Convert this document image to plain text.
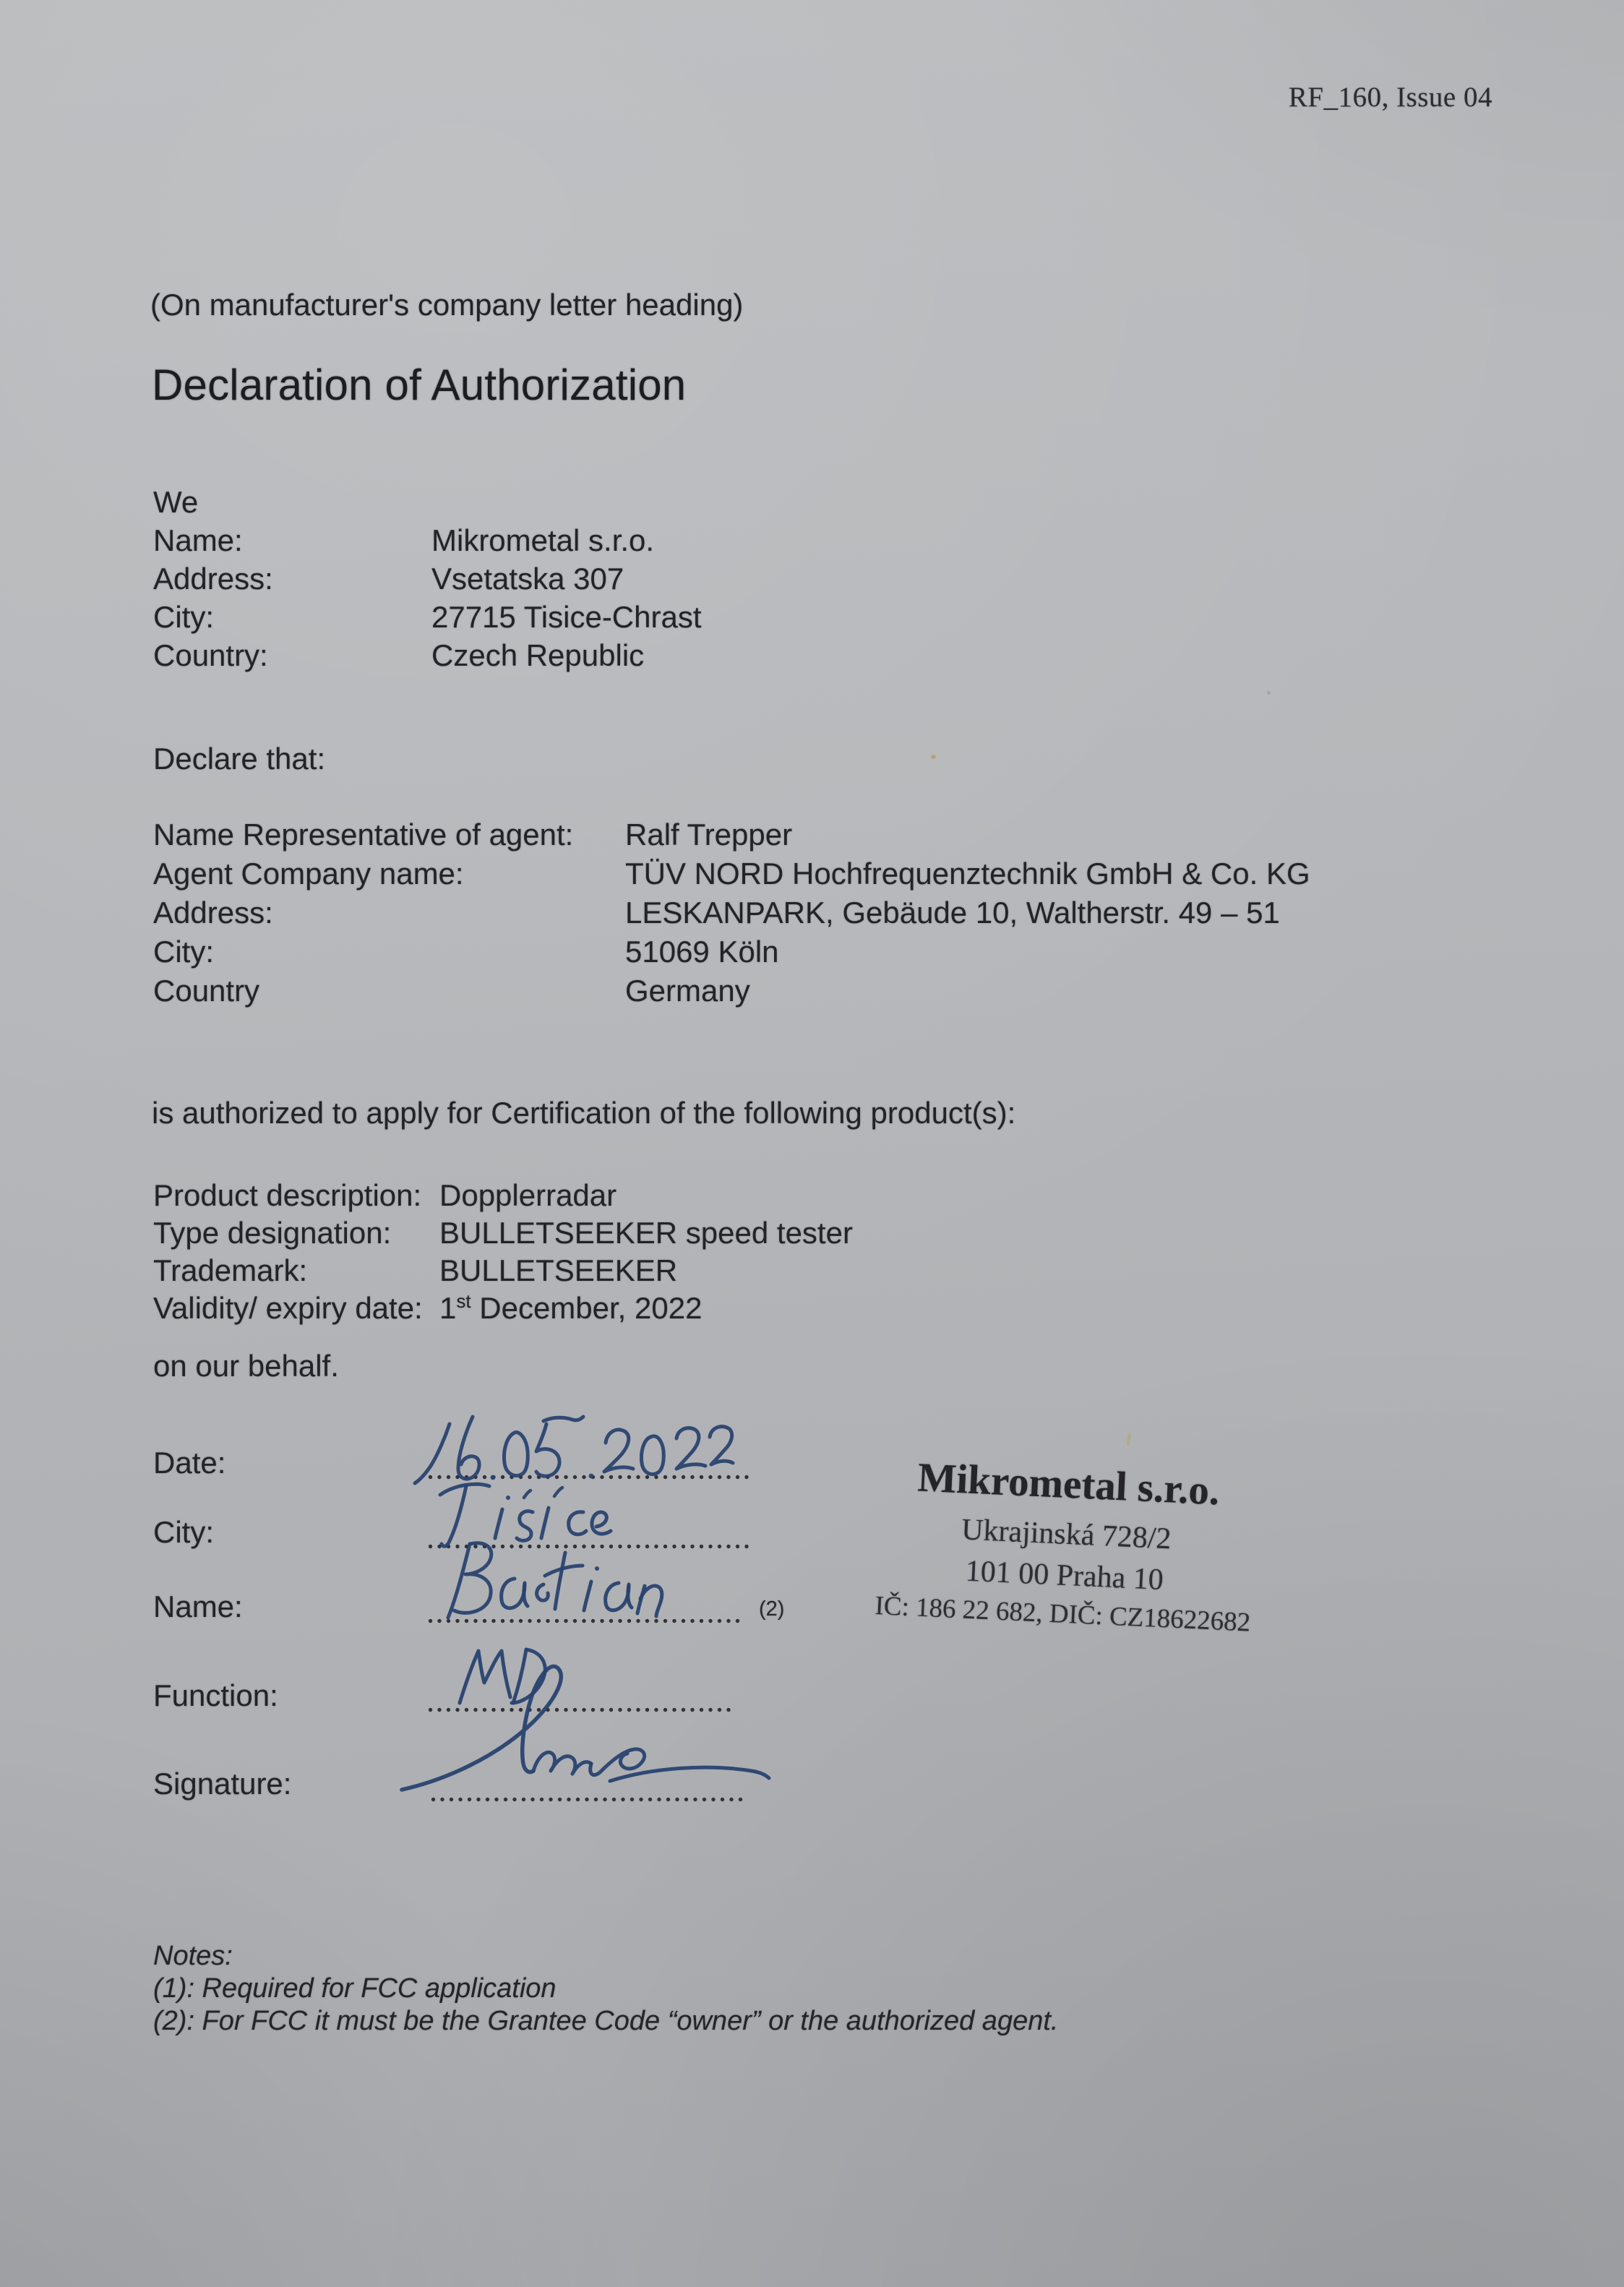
RF_160, Issue 04
(On manufacturer's company letter heading)
Declaration of Authorization
We
Name:	Mikrometal s.r.o.
Address:	Vsetatska 307
City:	27715 Tisice-Chrast
Country:	Czech Republic
Declare that:
Name Representative of agent:	Ralf Trepper
Agent Company name:	TÜV NORD Hochfrequenztechnik GmbH & Co. KG
Address:	LESKANPARK, Gebäude 10, Waltherstr. 49 – 51
City:	51069 Köln
Country	Germany
is authorized to apply for Certification of the following product(s):
Product description: Dopplerradar
Type designation:	BULLETSEEKER speed tester
Trademark:	BULLETSEEKER
Validity/ expiry date: 1st December, 2022
on our behalf.
Date:
City:
Name:	(2)
Function:
Signature:
Mikrometal s.r.o.
Ukrajinská 728/2
101 00 Praha 10
IČ: 186 22 682, DIČ: CZ18622682
Notes:
(1): Required for FCC application
(2): For FCC it must be the Grantee Code “owner” or the authorized agent.
